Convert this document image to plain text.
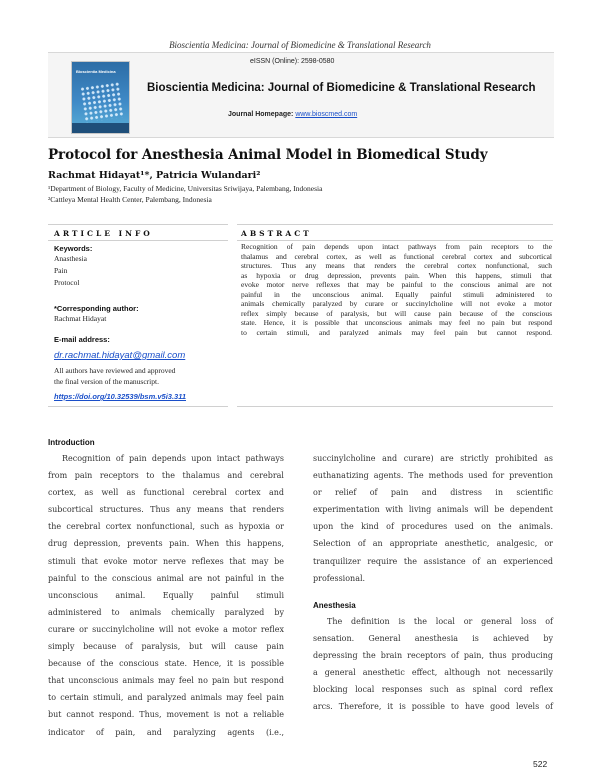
Bioscientia Medicina: Journal of Biomedicine & Translational Research
Bioscientia Medicina
eISSN (Online): 2598-0580
Bioscientia Medicina: Journal of Biomedicine & Translational Research
Journal Homepage: www.bioscmed.com
Protocol for Anesthesia Animal Model in Biomedical Study
Rachmat Hidayat¹*, Patricia Wulandari²
¹Department of Biology, Faculty of Medicine, Universitas Sriwijaya, Palembang, Indonesia
²Cattleya Mental Health Center, Palembang, Indonesia
ARTICLE INFO
Keywords:
Anasthesia
Pain
Protocol
*Corresponding author:
Rachmat Hidayat
E-mail address:
dr.rachmat.hidayat@gmail.com
All authors have reviewed and approved
the final version of the manuscript.
https://doi.org/10.32539/bsm.v5i3.311
ABSTRACT
Recognition of pain depends upon intact pathways from pain receptors to the
thalamus and cerebral cortex, as well as functional cerebral cortex and subcortical
structures. Thus any means that renders the cerebral cortex nonfunctional, such
as hypoxia or drug depression, prevents pain. When this happens, stimuli that
evoke motor nerve reflexes that may be painful to the conscious animal are not
painful in the unconscious animal. Equally painful stimuli administered to
animals chemically paralyzed by curare or succinylcholine will not evoke a motor
reflex simply because of paralysis, but will cause pain because of the conscious
state. Hence, it is possible that unconscious animals may feel no pain but respond
to certain stimuli, and paralyzed animals may feel pain but cannot respond.
Introduction
Recognition of pain depends upon intact pathways
from pain receptors to the thalamus and cerebral
cortex, as well as functional cerebral cortex and
subcortical structures. Thus any means that renders
the cerebral cortex nonfunctional, such as hypoxia or
drug depression, prevents pain. When this happens,
stimuli that evoke motor nerve reflexes that may be
painful to the conscious animal are not painful in the
unconscious animal. Equally painful stimuli
administered to animals chemically paralyzed by
curare or succinylcholine will not evoke a motor reflex
simply because of paralysis, but will cause pain
because of the conscious state. Hence, it is possible
that unconscious animals may feel no pain but respond
to certain stimuli, and paralyzed animals may feel pain
but cannot respond. Thus, movement is not a reliable
indicator of pain, and paralyzing agents (i.e.,
succinylcholine and curare) are strictly prohibited as
euthanatizing agents. The methods used for prevention
or relief of pain and distress in scientific
experimentation with living animals will be dependent
upon the kind of procedures used on the animals.
Selection of an appropriate anesthetic, analgesic, or
tranquilizer require the assistance of an experienced
professional.
Anesthesia
The definition is the local or general loss of
sensation. General anesthesia is achieved by
depressing the brain receptors of pain, thus producing
a general anesthetic effect, although not necessarily
blocking local responses such as spinal cord reflex
arcs. Therefore, it is possible to have good levels of
522
